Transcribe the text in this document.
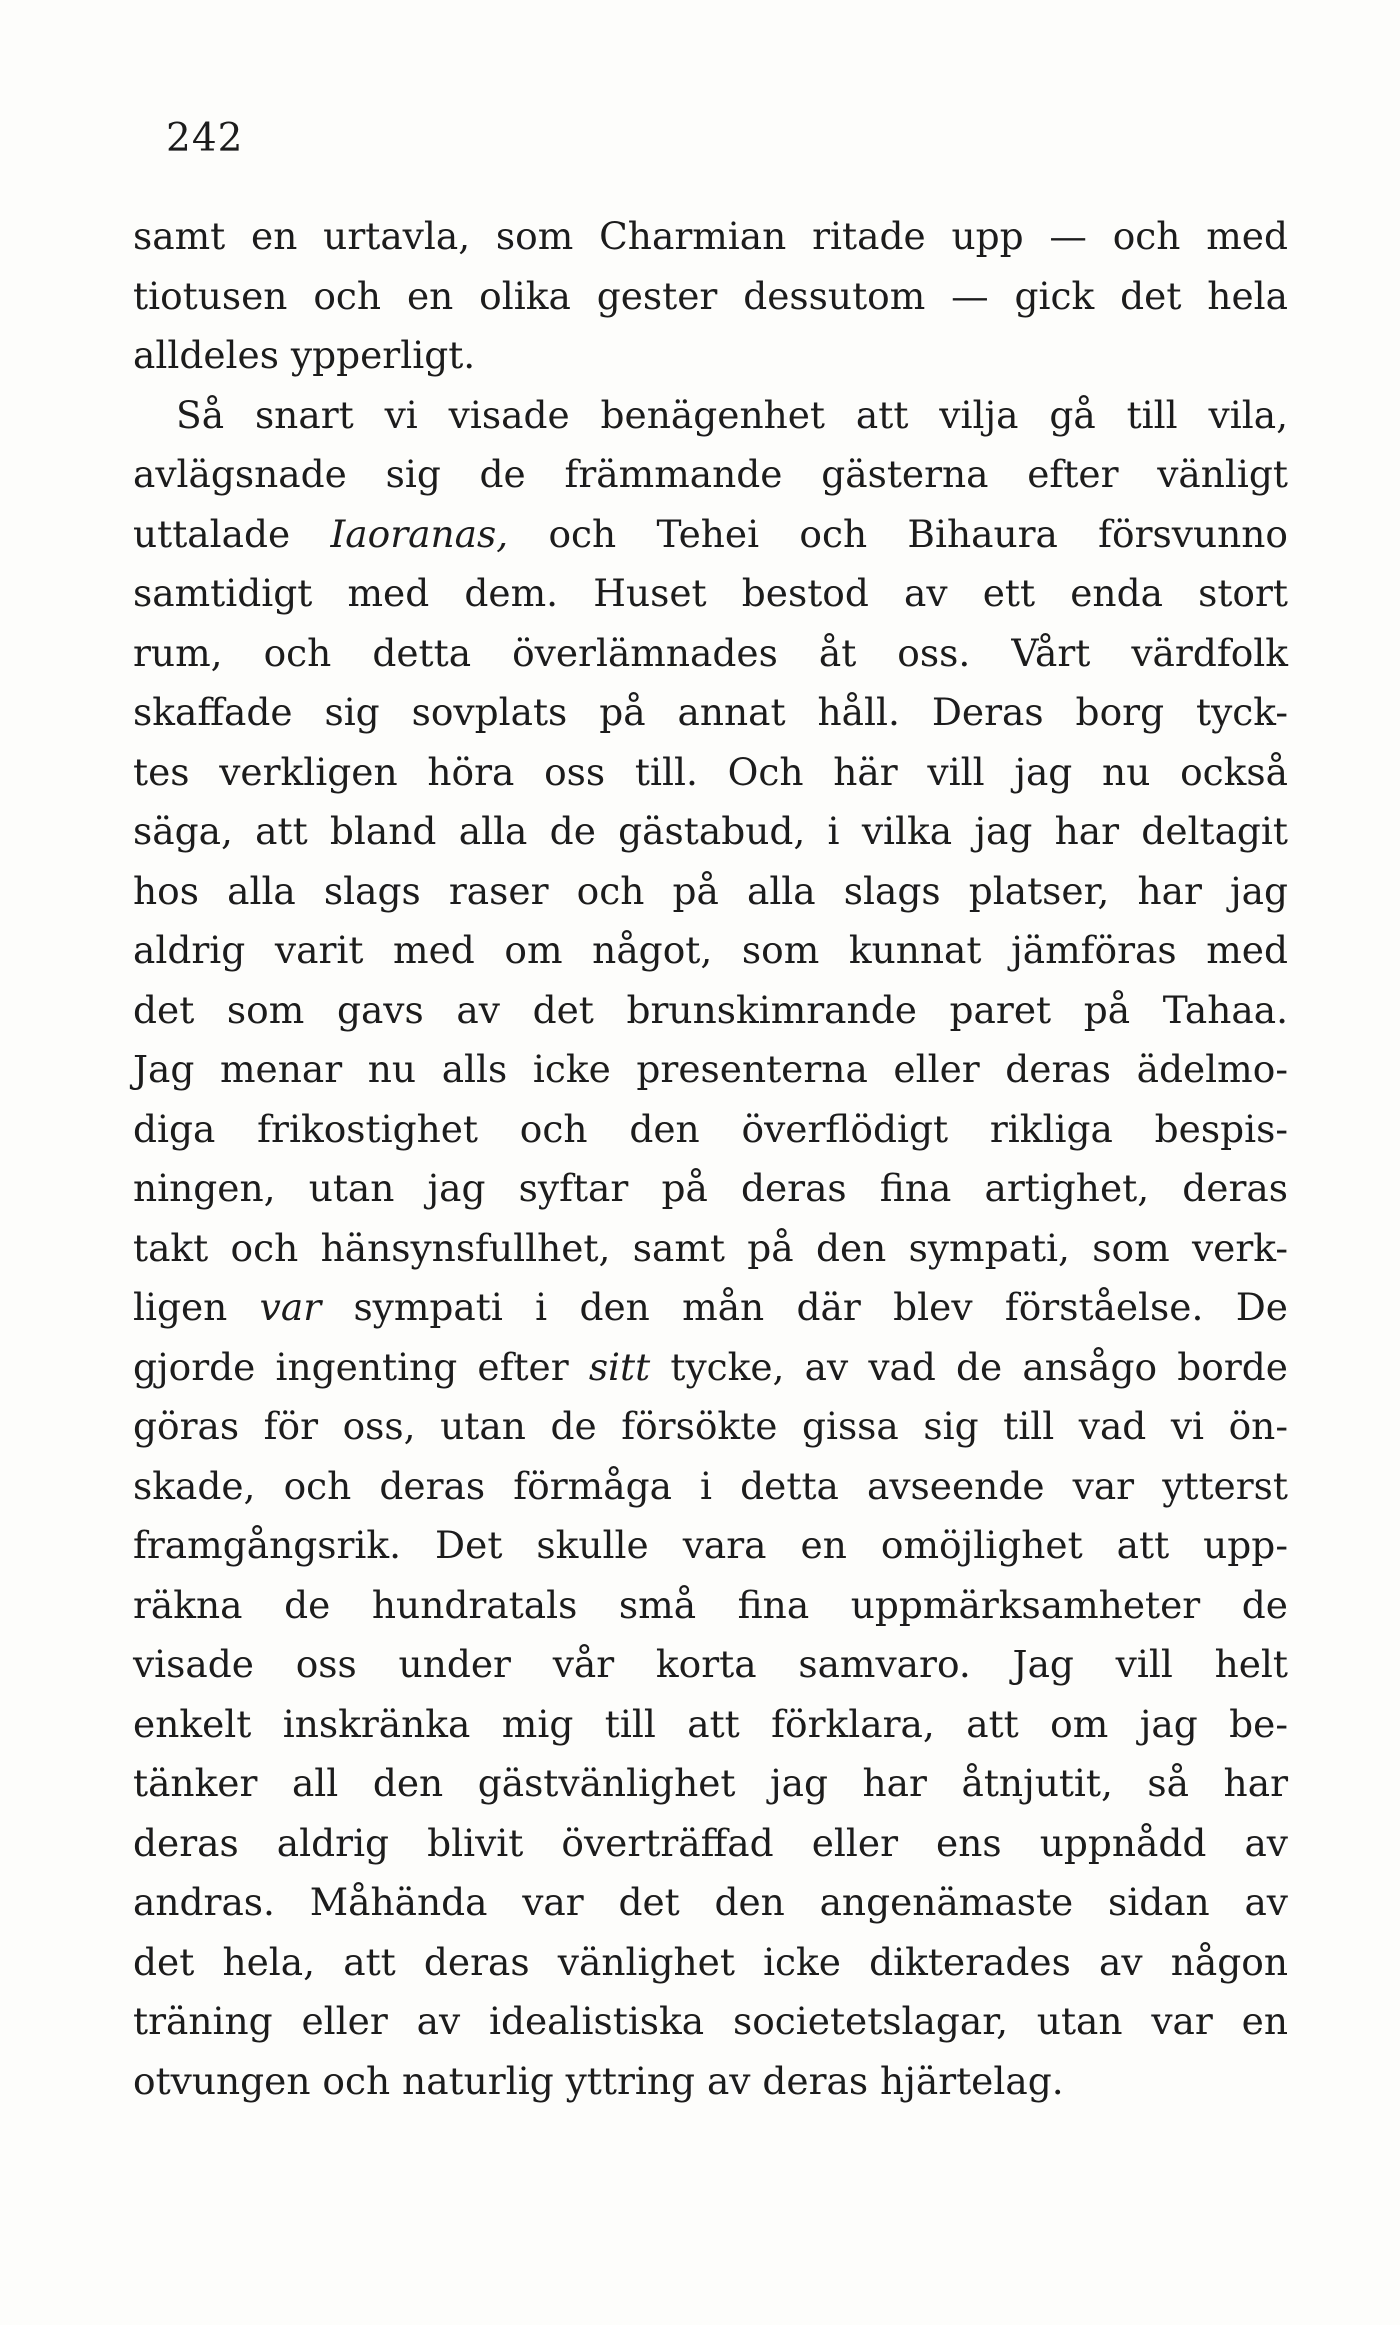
242
samt en urtavla, som Charmian ritade upp — och med
tiotusen och en olika gester dessutom — gick det hela
alldeles ypperligt.
Så snart vi visade benägenhet att vilja gå till vila,
avlägsnade sig de främmande gästerna efter vänligt
uttalade Iaoranas, och Tehei och Bihaura försvunno
samtidigt med dem. Huset bestod av ett enda stort
rum, och detta överlämnades åt oss. Vårt värdfolk
skaffade sig sovplats på annat håll. Deras borg tyck-
tes verkligen höra oss till. Och här vill jag nu också
säga, att bland alla de gästabud, i vilka jag har deltagit
hos alla slags raser och på alla slags platser, har jag
aldrig varit med om något, som kunnat jämföras med
det som gavs av det brunskimrande paret på Tahaa.
Jag menar nu alls icke presenterna eller deras ädelmo-
diga frikostighet och den överflödigt rikliga bespis-
ningen, utan jag syftar på deras fina artighet, deras
takt och hänsynsfullhet, samt på den sympati, som verk-
ligen var sympati i den mån där blev förståelse. De
gjorde ingenting efter sitt tycke, av vad de ansågo borde
göras för oss, utan de försökte gissa sig till vad vi ön-
skade, och deras förmåga i detta avseende var ytterst
framgångsrik. Det skulle vara en omöjlighet att upp-
räkna de hundratals små fina uppmärksamheter de
visade oss under vår korta samvaro. Jag vill helt
enkelt inskränka mig till att förklara, att om jag be-
tänker all den gästvänlighet jag har åtnjutit, så har
deras aldrig blivit överträffad eller ens uppnådd av
andras. Måhända var det den angenämaste sidan av
det hela, att deras vänlighet icke dikterades av någon
träning eller av idealistiska societetslagar, utan var en
otvungen och naturlig yttring av deras hjärtelag.
